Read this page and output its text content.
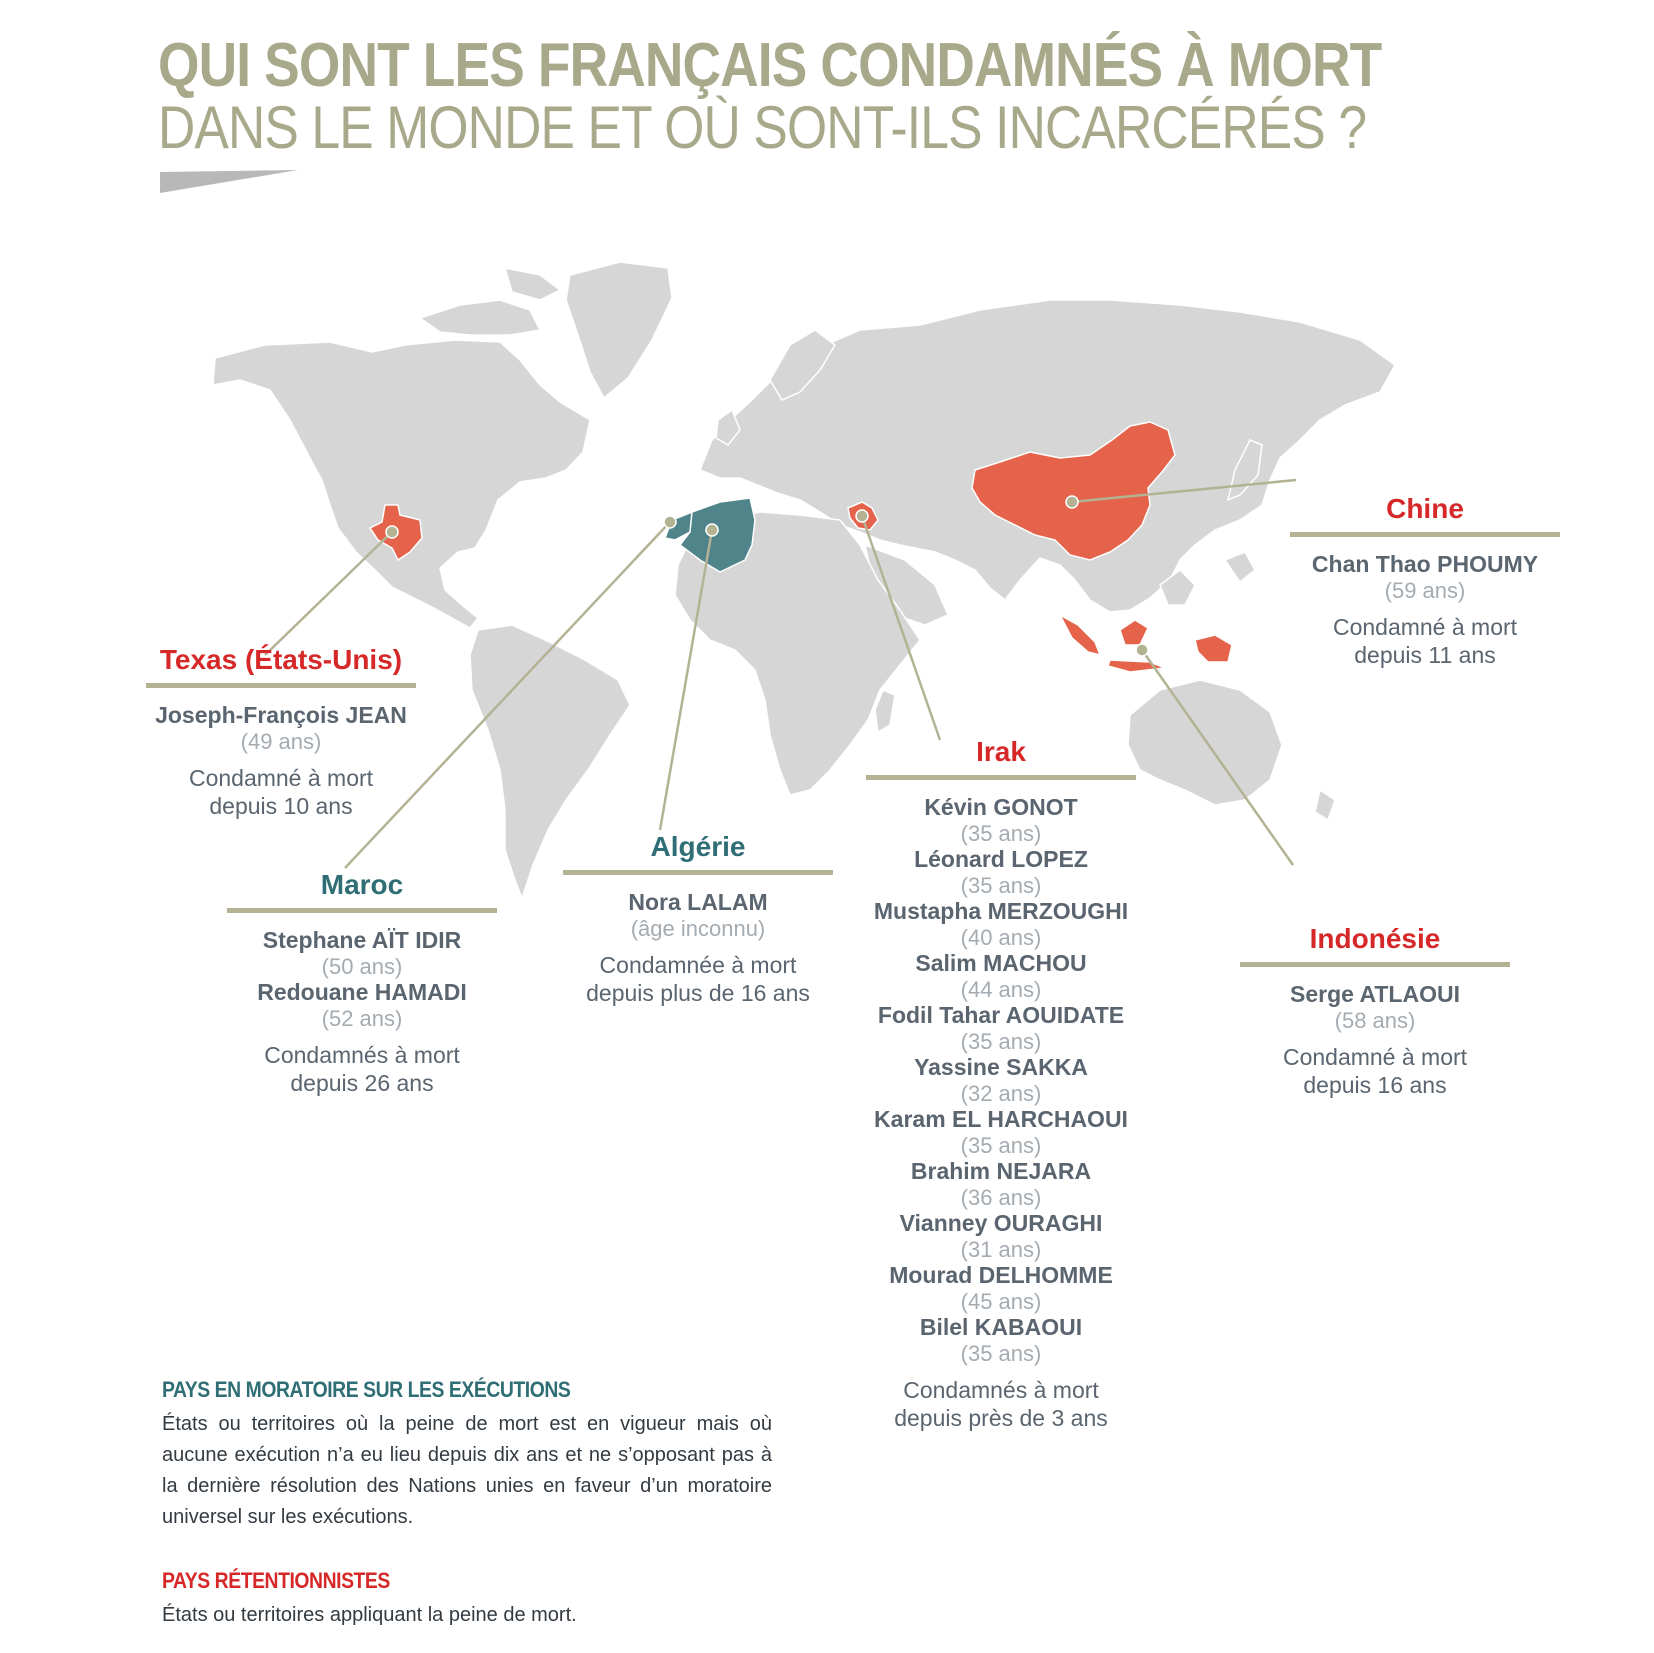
QUI SONT LES FRANÇAIS CONDAMNÉS À MORT
DANS LE MONDE ET OÙ SONT-ILS INCARCÉRÉS ?
Texas (États-Unis)
Joseph-François JEAN
(49 ans)
Condamné à mort depuis 10 ans
Maroc
Stephane AÏT IDIR
(50 ans)
Redouane HAMADI
(52 ans)
Condamnés à mort depuis 26 ans
Algérie
Nora LALAM
(âge inconnu)
Condamnée à mort depuis plus de 16 ans
Irak
Kévin GONOT
(35 ans)
Léonard LOPEZ
(35 ans)
Mustapha MERZOUGHI
(40 ans)
Salim MACHOU
(44 ans)
Fodil Tahar AOUIDATE
(35 ans)
Yassine SAKKA
(32 ans)
Karam EL HARCHAOUI
(35 ans)
Brahim NEJARA
(36 ans)
Vianney OURAGHI
(31 ans)
Mourad DELHOMME
(45 ans)
Bilel KABAOUI
(35 ans)
Condamnés à mort depuis près de 3 ans
Chine
Chan Thao PHOUMY
(59 ans)
Condamné à mort depuis 11 ans
Indonésie
Serge ATLAOUI
(58 ans)
Condamné à mort depuis 16 ans
PAYS EN MORATOIRE SUR LES EXÉCUTIONS
États ou territoires où la peine de mort est en vigueur mais où aucune exécution n’a eu lieu depuis dix ans et ne s’opposant pas à la dernière résolution des Nations unies en faveur d’un moratoire universel sur les exécutions.
PAYS RÉTENTIONNISTES
États ou territoires appliquant la peine de mort.
